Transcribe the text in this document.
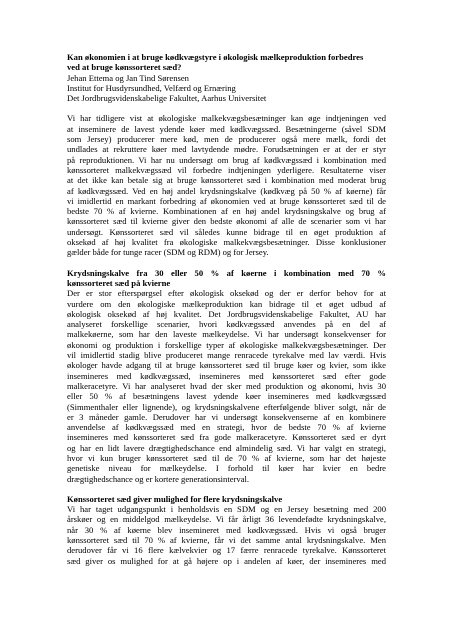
Kan økonomien i at bruge kødkvægstyre i økologisk mælkeproduktion forbedres
ved at bruge kønssorteret sæd?
Jehan Ettema og Jan Tind Sørensen
Institut for Husdyrsundhed, Velfærd og Ernæring
Det Jordbrugsvidenskabelige Fakultet, Aarhus Universitet
Vi har tidligere vist at økologiske malkekvægsbesætninger kan øge indtjeningen ved
at inseminere de lavest ydende køer med kødkvægssæd. Besætningerne (såvel SDM
som Jersey) producerer mere kød, men de producerer også mere mælk, fordi det
undlades at rekruttere køer med lavtydende mødre. Forudsætningen er at der er styr
på reproduktionen. Vi har nu undersøgt om brug af kødkvægssæd i kombination med
kønssorteret malkekvægssæd vil forbedre indtjeningen yderligere. Resultaterne viser
at det ikke kan betale sig at bruge kønssorteret sæd i kombination med moderat brug
af kødkvægssæd. Ved en høj andel krydsningskalve (kødkvæg på 50 % af køerne) får
vi imidlertid en markant forbedring af økonomien ved at bruge kønssorteret sæd til de
bedste 70 % af kvierne. Kombinationen af en høj andel krydsningskalve og brug af
kønssorteret sæd til kvierne giver den bedste økonomi af alle de scenarier som vi har
undersøgt. Kønssorteret sæd vil således kunne bidrage til en øget produktion af
oksekød af høj kvalitet fra økologiske malkekvægsbesætninger. Disse konklusioner
gælder både for tunge racer (SDM og RDM) og for Jersey.
Krydsningskalve fra 30 eller 50 % af køerne i kombination med 70 %
kønssorteret sæd på kvierne
Der er stor efterspørgsel efter økologisk oksekød og der er derfor behov for at
vurdere om den økologiske mælkeproduktion kan bidrage til et øget udbud af
økologisk oksekød af høj kvalitet. Det Jordbrugsvidenskabelige Fakultet, AU har
analyseret forskellige scenarier, hvori kødkvægssæd anvendes på en del af
malkekøerne, som har den laveste mælkeydelse. Vi har undersøgt konsekvenser for
økonomi og produktion i forskellige typer af økologiske malkekvægsbesætninger. Der
vil imidlertid stadig blive produceret mange renracede tyrekalve med lav værdi. Hvis
økologer havde adgang til at bruge kønssorteret sæd til bruge køer og kvier, som ikke
insemineres med kødkvægssæd, insemineres med kønssorteret sæd efter gode
malkeracetyre. Vi har analyseret hvad der sker med produktion og økonomi, hvis 30
eller 50 % af besætningens lavest ydende køer insemineres med kødkvægssæd
(Simmenthaler eller lignende), og krydsningskalvene efterfølgende bliver solgt, når de
er 3 måneder gamle. Derudover har vi undersøgt konsekvenserne af en kombinere
anvendelse af kødkvægssæd med en strategi, hvor de bedste 70 % af kvierne
insemineres med kønssorteret sæd fra gode malkeracetyre. Kønssorteret sæd er dyrt
og har en lidt lavere drægtighedschance end almindelig sæd. Vi har valgt en strategi,
hvor vi kun bruger kønssorteret sæd til de 70 % af kvierne, som har det højeste
genetiske niveau for mælkeydelse. I forhold til køer har kvier en bedre
drægtighedschance og er kortere generationsinterval.
Kønssorteret sæd giver mulighed for flere krydsningskalve
Vi har taget udgangspunkt i henholdsvis en SDM og en Jersey besætning med 200
årskøer og en middelgod mælkeydelse. Vi får årligt 36 levendefødte krydsningskalve,
når 30 % af køerne blev insemineret med kødkvægssæd. Hvis vi også bruger
kønssorteret sæd til 70 % af kvierne, får vi det samme antal krydsningskalve. Men
derudover får vi 16 flere kælvekvier og 17 færre renracede tyrekalve. Kønssorteret
sæd giver os mulighed for at gå højere op i andelen af køer, der insemineres med
